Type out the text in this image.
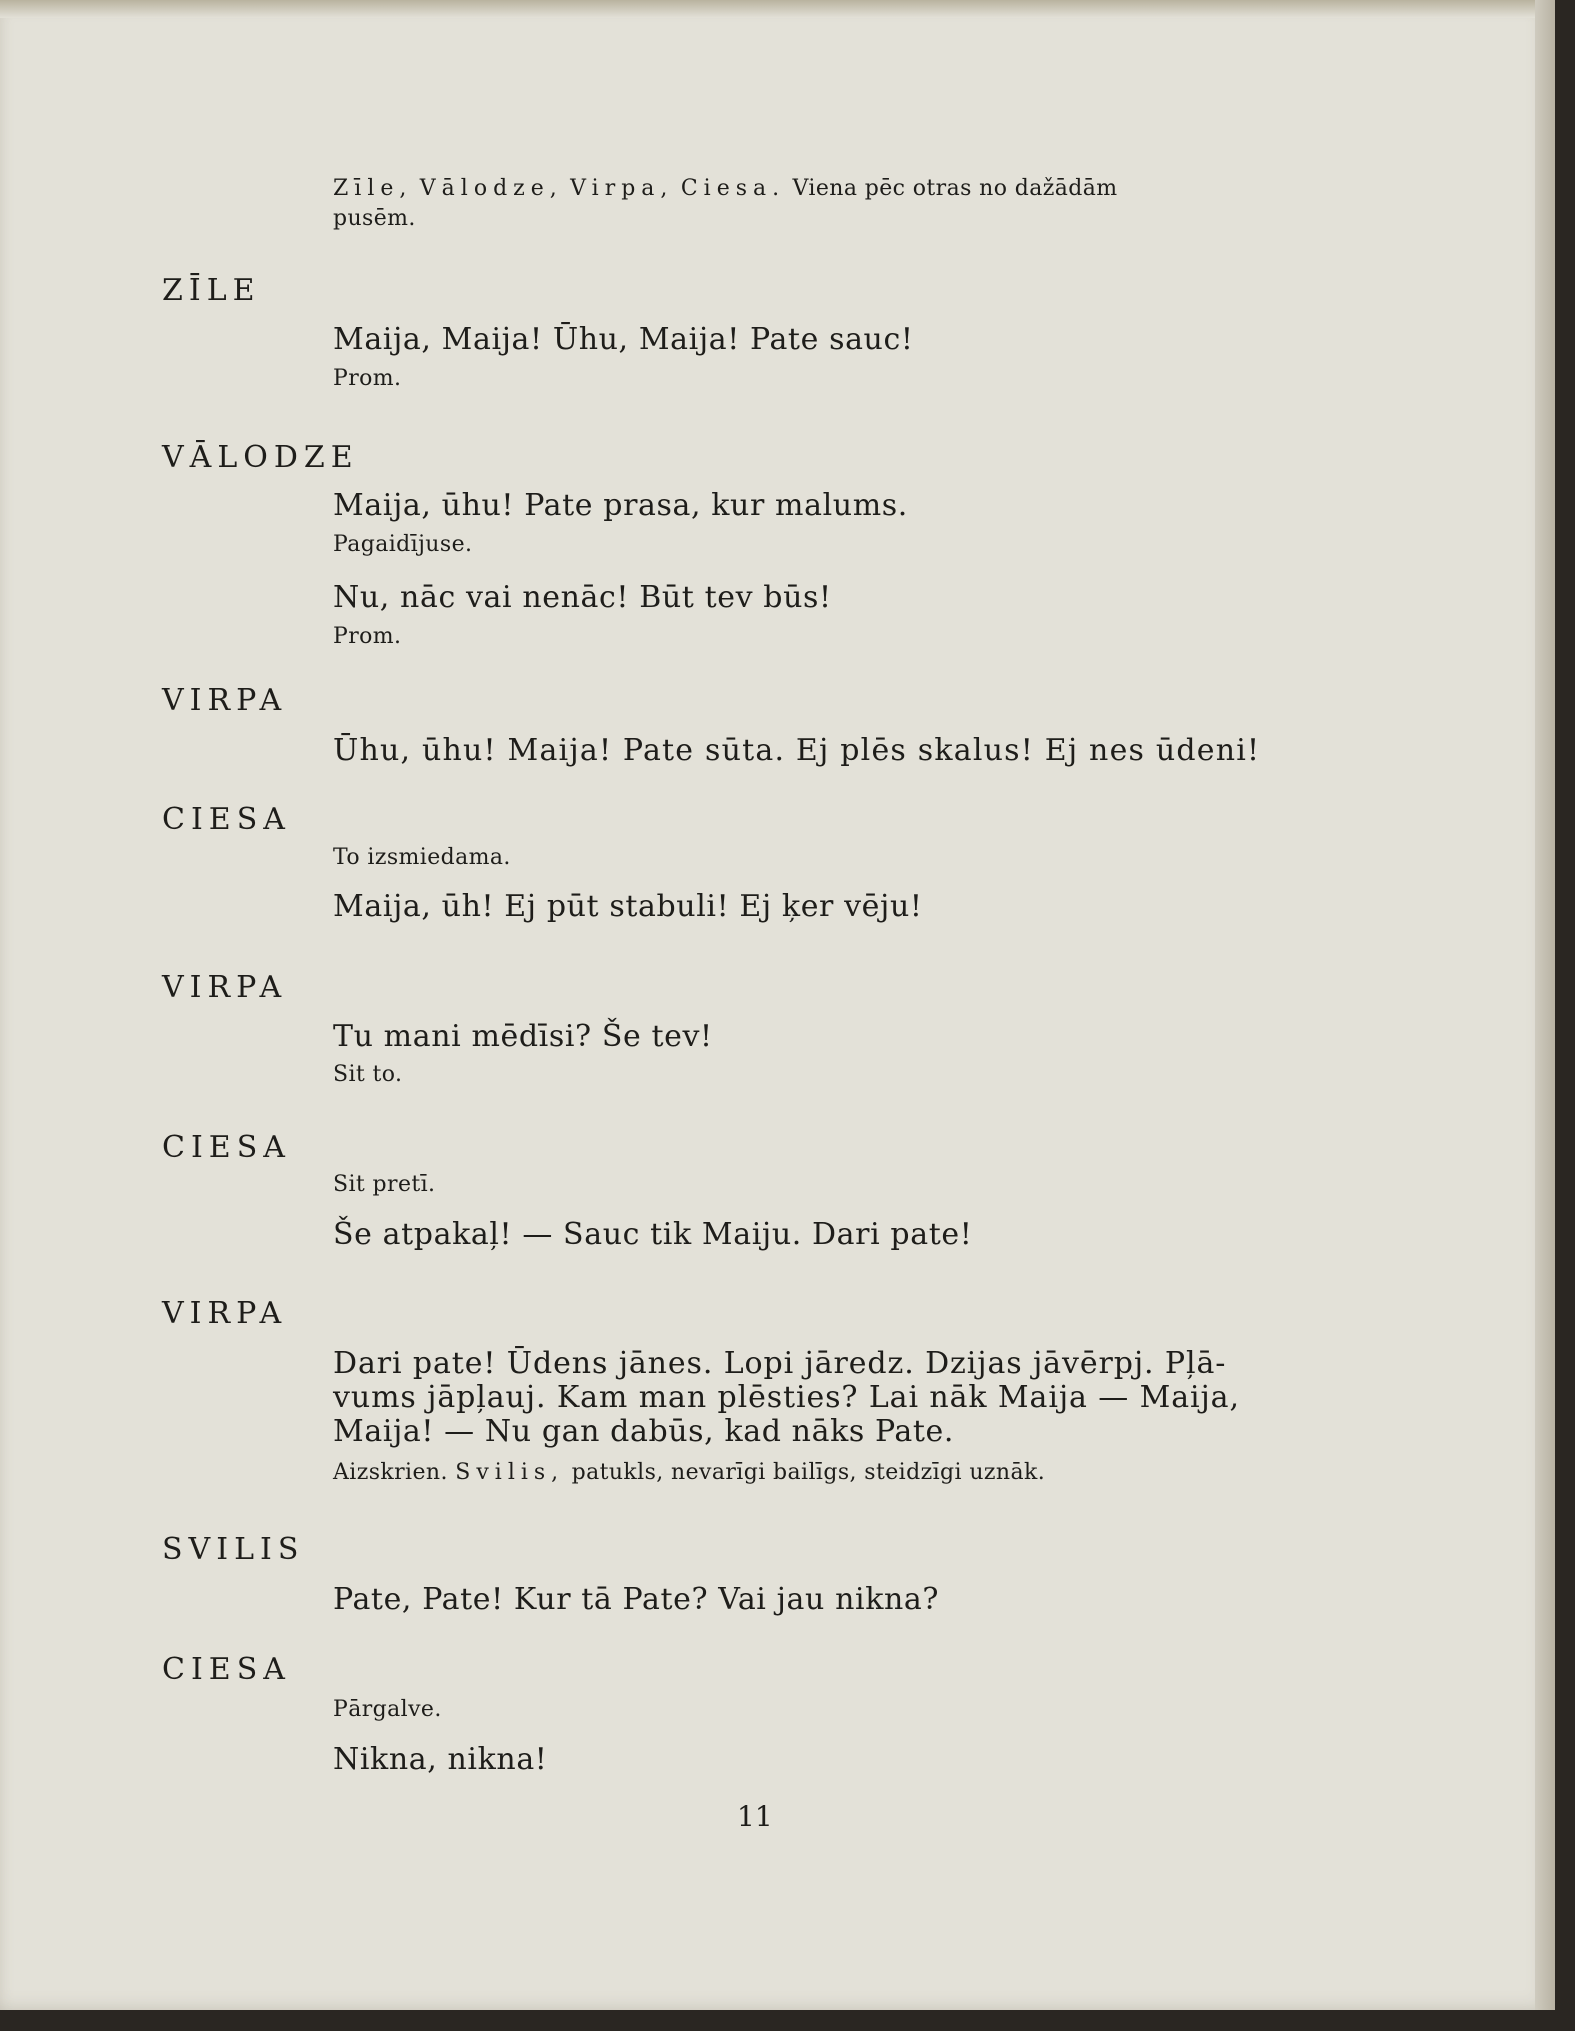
Zīle, Vālodze, Virpa, Ciesa. Viena pēc otras no dažādām
pusēm.
ZĪLE
Maija, Maija! Ūhu, Maija! Pate sauc!
Prom.
VĀLODZE
Maija, ūhu! Pate prasa, kur malums.
Pagaidījuse.
Nu, nāc vai nenāc! Būt tev būs!
Prom.
VIRPA
Ūhu, ūhu! Maija! Pate sūta. Ej plēs skalus! Ej nes ūdeni!
CIESA
To izsmiedama.
Maija, ūh! Ej pūt stabuli! Ej ķer vēju!
VIRPA
Tu mani mēdīsi? Še tev!
Sit to.
CIESA
Sit pretī.
Še atpakaļ! — Sauc tik Maiju. Dari pate!
VIRPA
Dari pate! Ūdens jānes. Lopi jāredz. Dzijas jāvērpj. Pļā-
vums jāpļauj. Kam man plēsties? Lai nāk Maija — Maija,
Maija! — Nu gan dabūs, kad nāks Pate.
Aizskrien. Svilis, patukls, nevarīgi bailīgs, steidzīgi uznāk.
SVILIS
Pate, Pate! Kur tā Pate? Vai jau nikna?
CIESA
Pārgalve.
Nikna, nikna!
11
